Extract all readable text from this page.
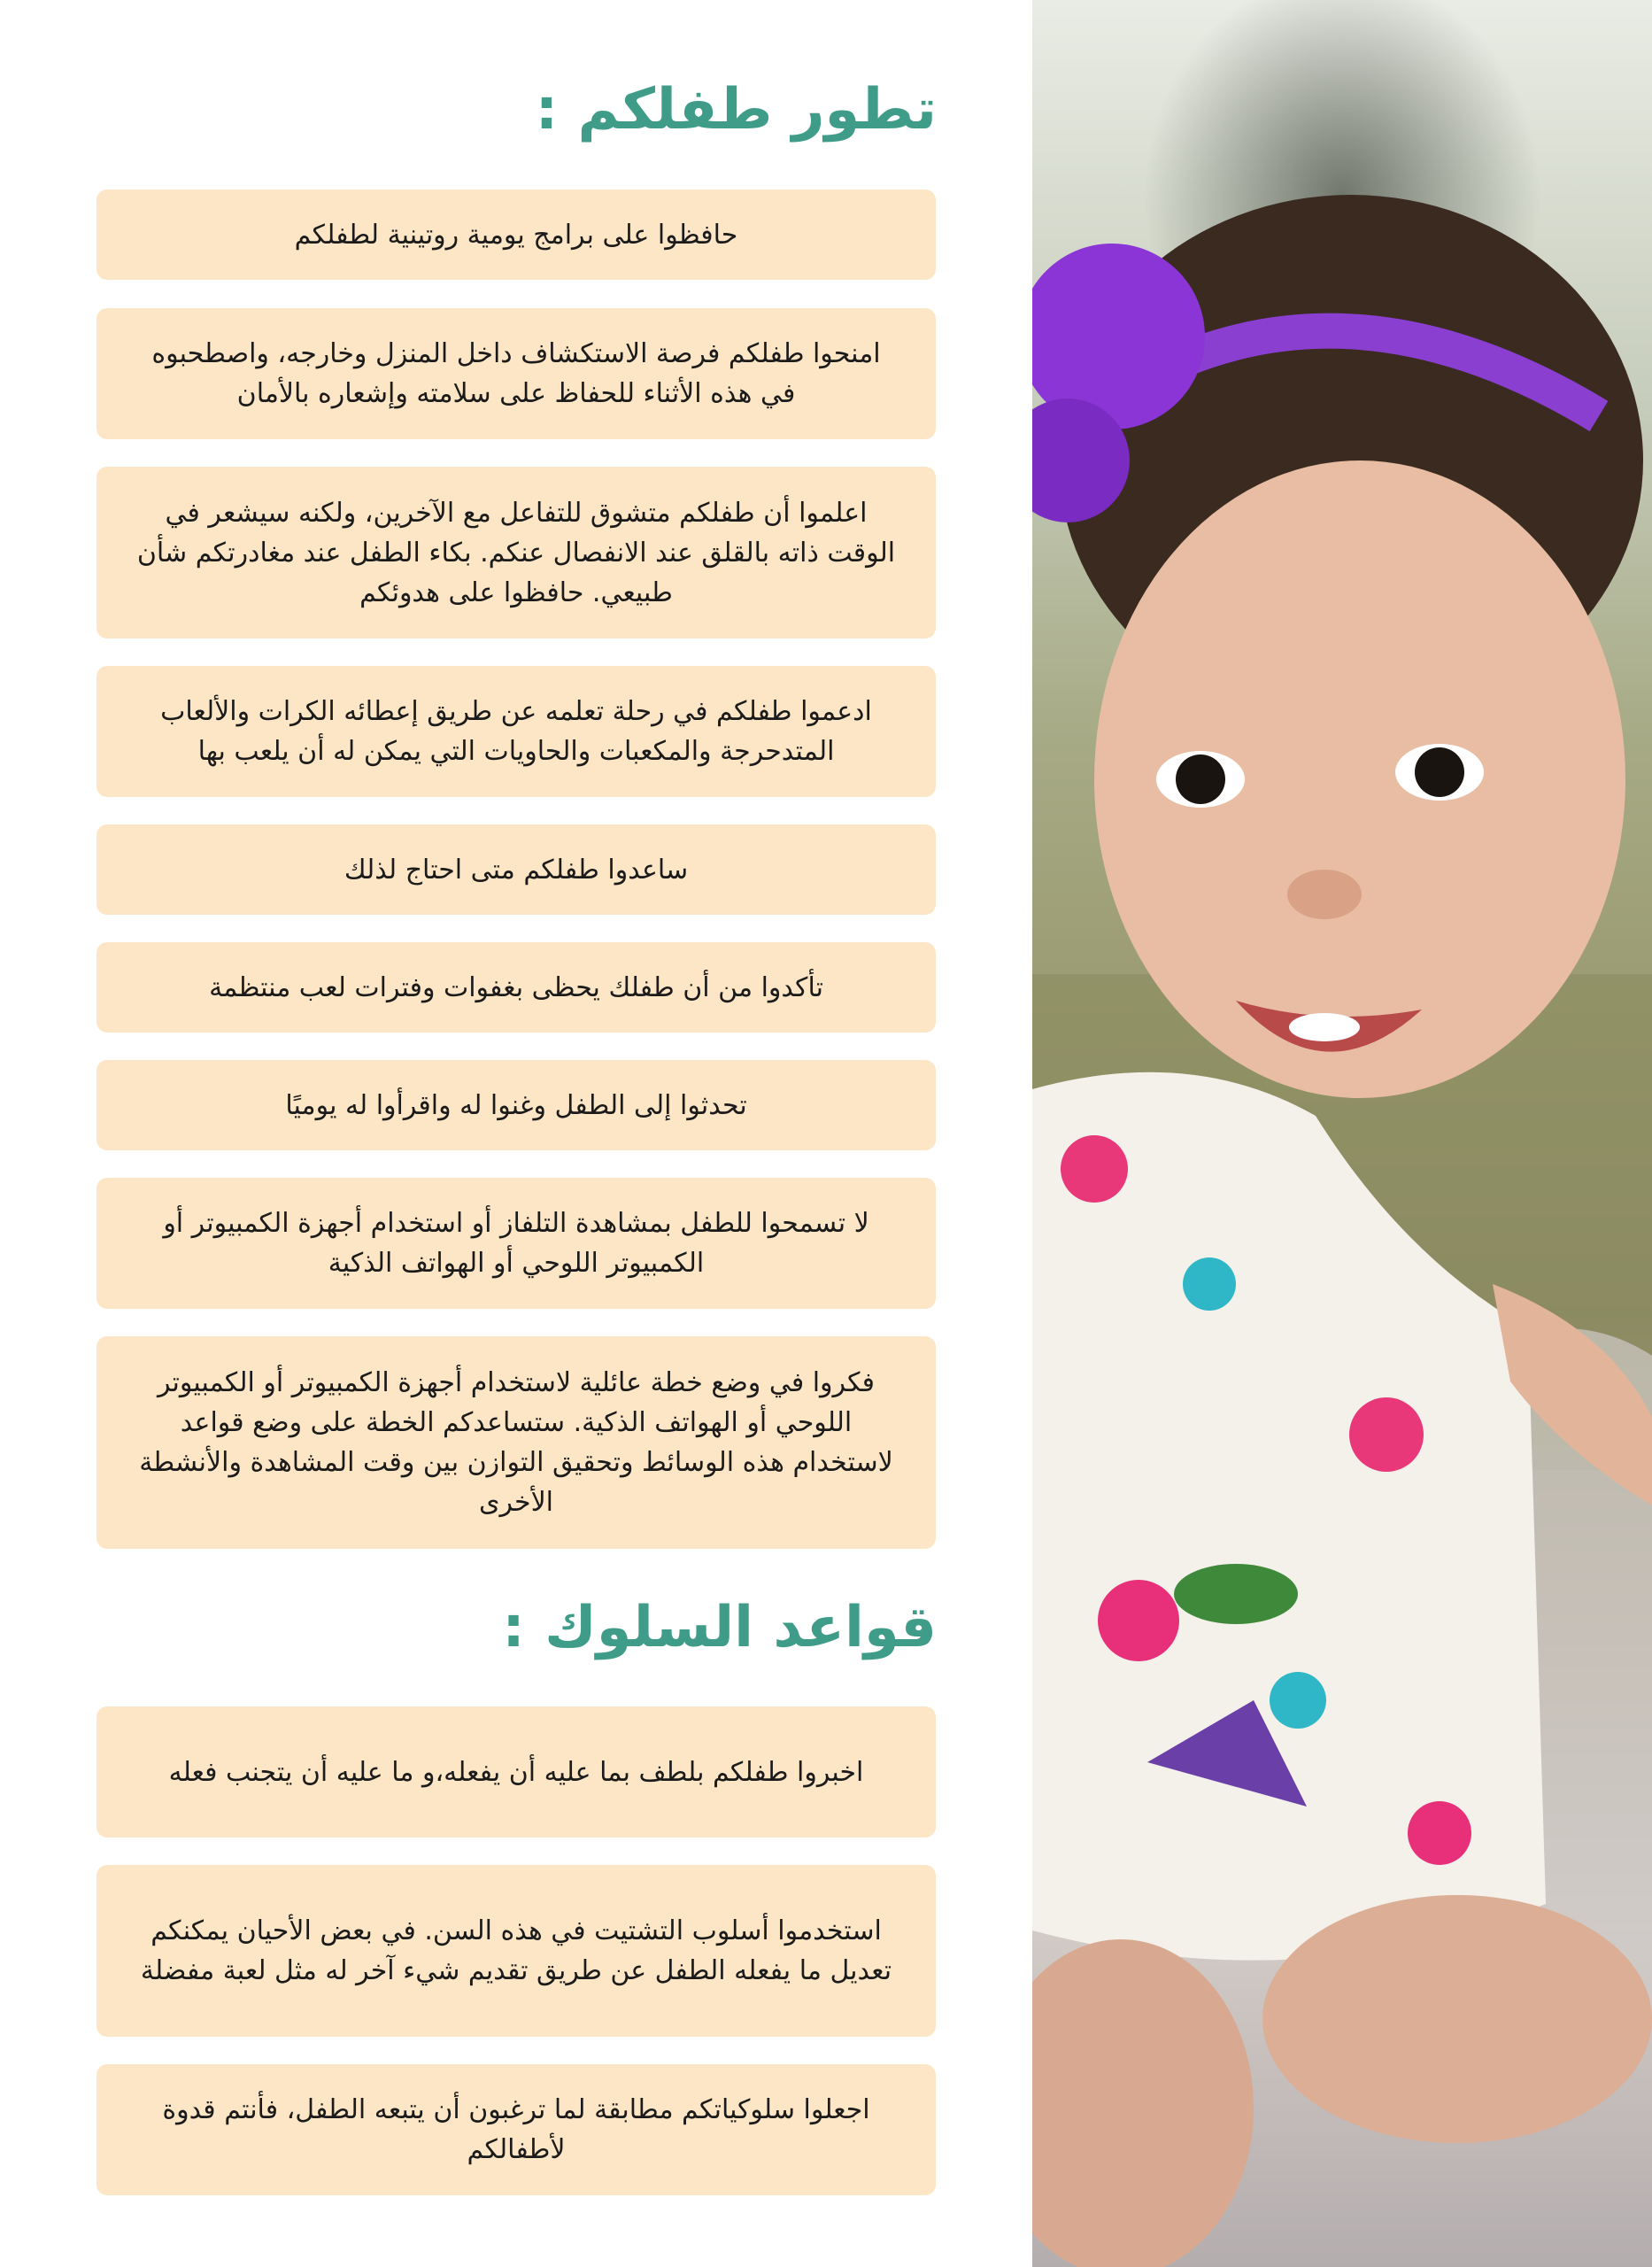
تطور طفلكم :
حافظوا على برامج يومية روتينية لطفلكم
امنحوا طفلكم فرصة الاستكشاف داخل المنزل وخارجه، واصطحبوه في هذه الأثناء للحفاظ على سلامته وإشعاره بالأمان
اعلموا أن طفلكم متشوق للتفاعل مع الآخرين، ولكنه سيشعر في الوقت ذاته بالقلق عند الانفصال عنكم. بكاء الطفل عند مغادرتكم شأن طبيعي. حافظوا على هدوئكم
ادعموا طفلكم في رحلة تعلمه عن طريق إعطائه الكرات والألعاب المتدحرجة والمكعبات والحاويات التي يمكن له أن يلعب بها
ساعدوا طفلكم متى احتاج لذلك
تأكدوا من أن طفلك يحظى بغفوات وفترات لعب منتظمة
تحدثوا إلى الطفل وغنوا له واقرأوا له يوميًا
لا تسمحوا للطفل بمشاهدة التلفاز أو استخدام أجهزة الكمبيوتر أو الكمبيوتر اللوحي أو الهواتف الذكية
فكروا في وضع خطة عائلية لاستخدام أجهزة الكمبيوتر أو الكمبيوتر اللوحي أو الهواتف الذكية. ستساعدكم الخطة على وضع قواعد لاستخدام هذه الوسائط وتحقيق التوازن بين وقت المشاهدة والأنشطة الأخرى
قواعد السلوك :
اخبروا طفلكم بلطف بما عليه أن يفعله،و ما عليه أن يتجنب فعله
استخدموا أسلوب التشتيت في هذه السن. في بعض الأحيان يمكنكم تعديل ما يفعله الطفل عن طريق تقديم شيء آخر له مثل لعبة مفضلة
اجعلوا سلوكياتكم مطابقة لما ترغبون أن يتبعه الطفل، فأنتم قدوة لأطفالكم
